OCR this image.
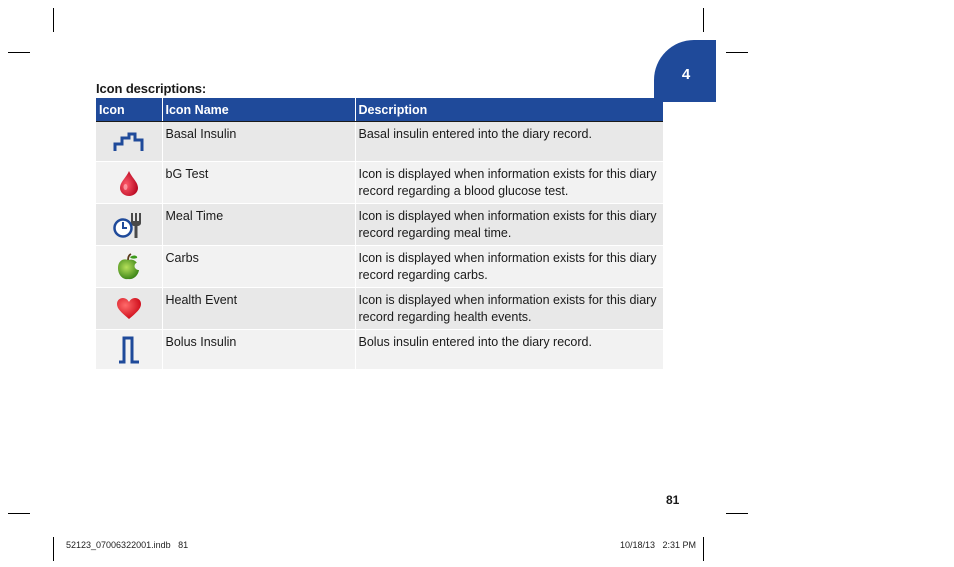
4
Icon descriptions:
Icon	Icon Name	Description

	Basal Insulin	Basal insulin entered into the diary record.

	bG Test	Icon is displayed when information exists for this diary record regarding a blood glucose test.

	Meal Time	Icon is displayed when information exists for this diary record regarding meal time.

	Carbs	Icon is displayed when information exists for this diary record regarding carbs.

	Health Event	Icon is displayed when information exists for this diary record regarding health events.

	Bolus Insulin	Bolus insulin entered into the diary record.
81
52123_07006322001.indb   81	10/18/13   2:31 PM
